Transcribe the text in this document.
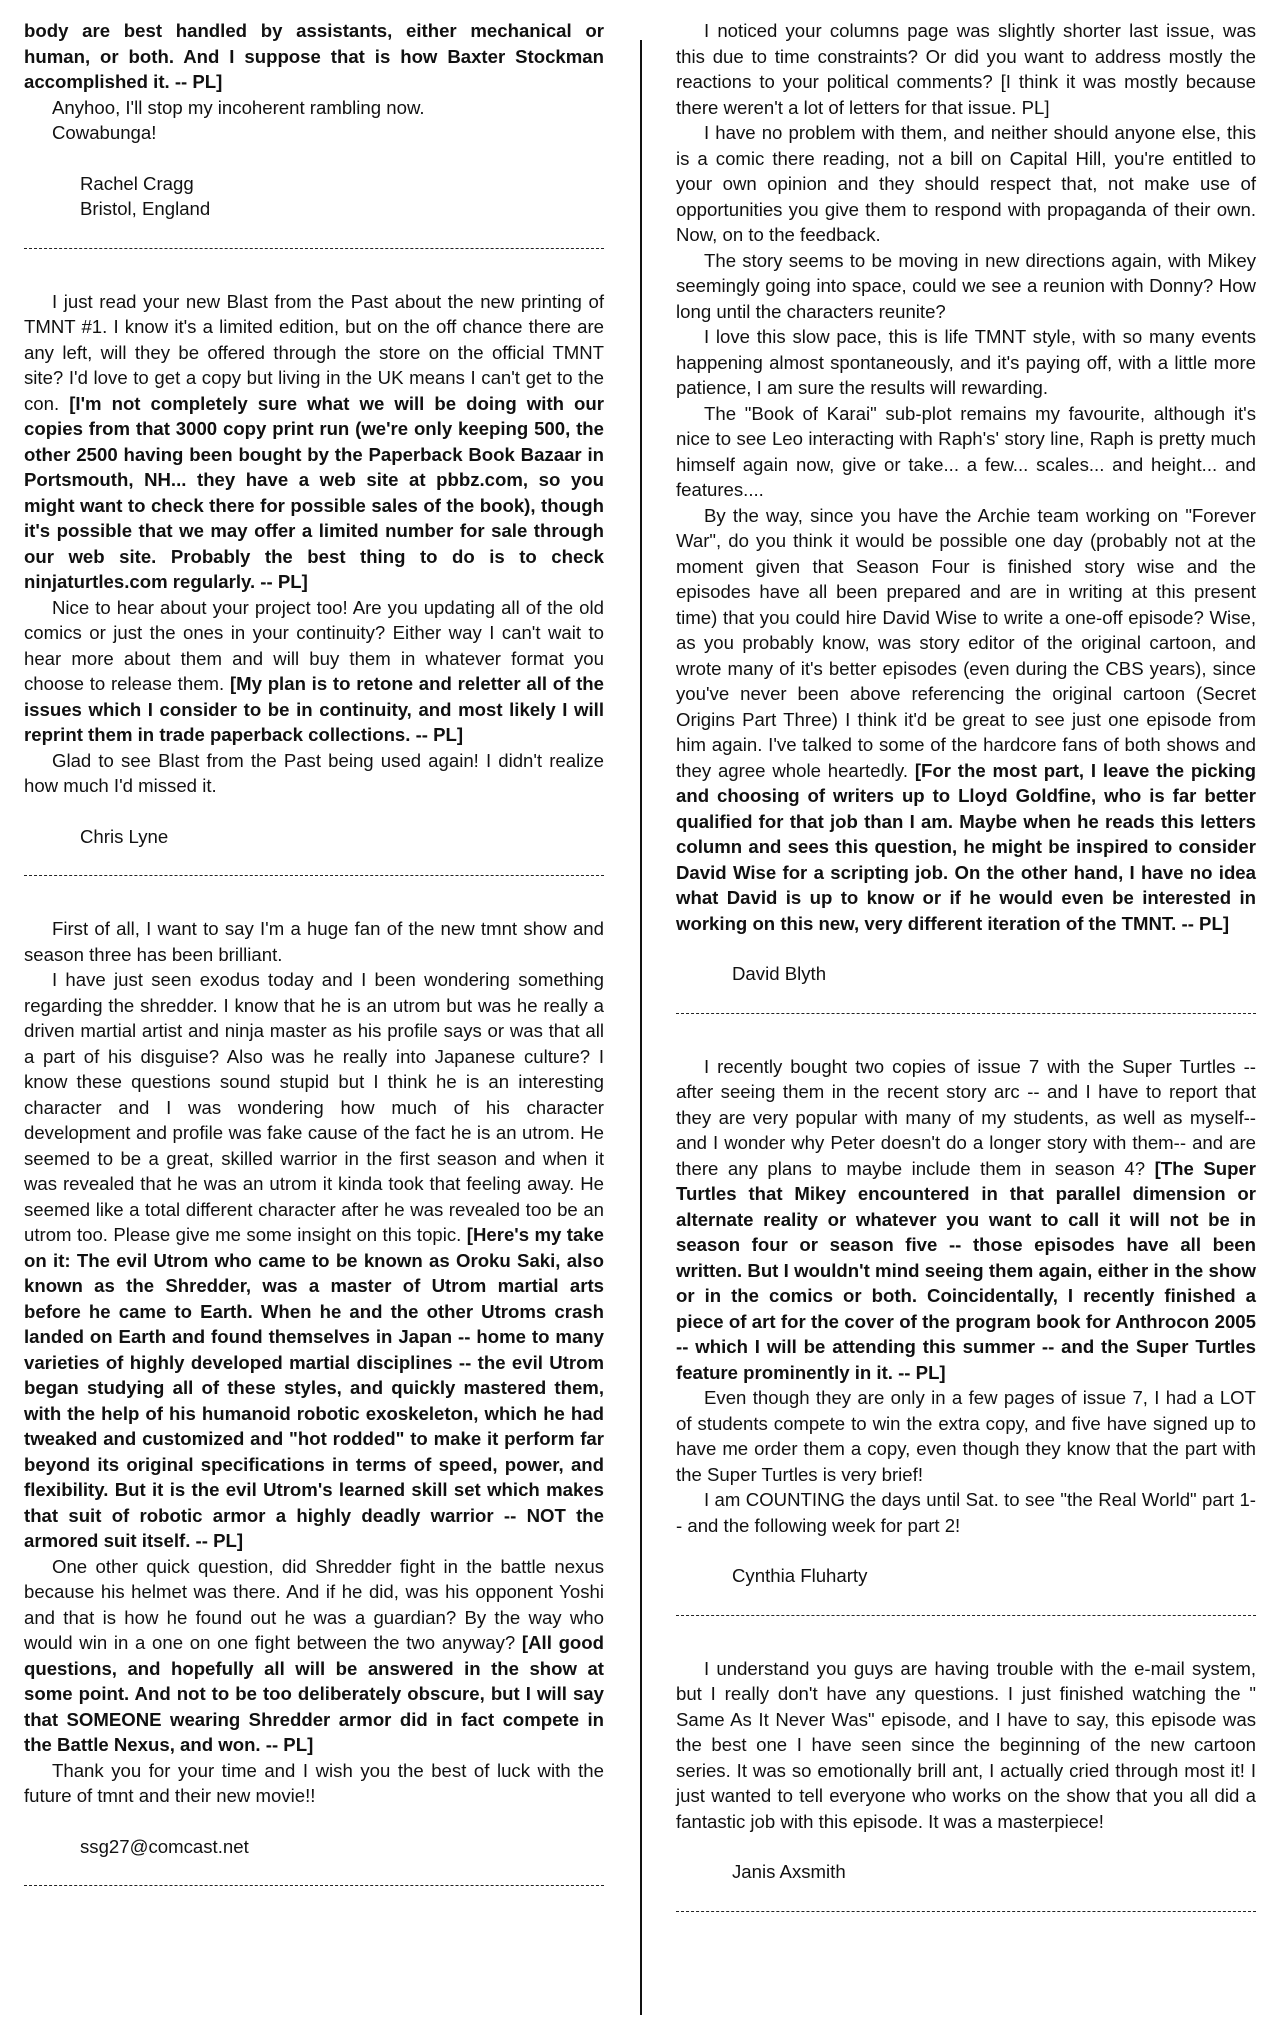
body are best handled by assistants, either mechanical or human, or both. And I suppose that is how Baxter Stockman accomplished it. -- PL]

Anyhoo, I'll stop my incoherent rambling now.

Cowabunga!

Rachel Cragg

Bristol, England

I just read your new Blast from the Past about the new printing of TMNT #1. I know it's a limited edition, but on the off chance there are any left, will they be offered through the store on the official TMNT site? I'd love to get a copy but living in the UK means I can't get to the con. [I'm not completely sure what we will be doing with our copies from that 3000 copy print run (we're only keeping 500, the other 2500 having been bought by the Paperback Book Bazaar in Portsmouth, NH... they have a web site at pbbz.com, so you might want to check there for possible sales of the book), though it's possible that we may offer a limited number for sale through our web site. Probably the best thing to do is to check ninjaturtles.com regularly. -- PL]

Nice to hear about your project too! Are you updating all of the old comics or just the ones in your continuity? Either way I can't wait to hear more about them and will buy them in whatever format you choose to release them. [My plan is to retone and reletter all of the issues which I consider to be in continuity, and most likely I will reprint them in trade paperback collections. -- PL]

Glad to see Blast from the Past being used again! I didn't realize how much I'd missed it.

Chris Lyne

First of all, I want to say I'm a huge fan of the new tmnt show and season three has been brilliant.

I have just seen exodus today and I been wondering something regarding the shredder. I know that he is an utrom but was he really a driven martial artist and ninja master as his profile says or was that all a part of his disguise? Also was he really into Japanese culture? I know these questions sound stupid but I think he is an interesting character and I was wondering how much of his character development and profile was fake cause of the fact he is an utrom. He seemed to be a great, skilled warrior in the first season and when it was revealed that he was an utrom it kinda took that feeling away. He seemed like a total different character after he was revealed too be an utrom too. Please give me some insight on this topic. [Here's my take on it: The evil Utrom who came to be known as Oroku Saki, also known as the Shredder, was a master of Utrom martial arts before he came to Earth. When he and the other Utroms crash landed on Earth and found themselves in Japan -- home to many varieties of highly developed martial disciplines -- the evil Utrom began studying all of these styles, and quickly mastered them, with the help of his humanoid robotic exoskeleton, which he had tweaked and customized and "hot rodded" to make it perform far beyond its original specifications in terms of speed, power, and flexibility. But it is the evil Utrom's learned skill set which makes that suit of robotic armor a highly deadly warrior -- NOT the armored suit itself. -- PL]

One other quick question, did Shredder fight in the battle nexus because his helmet was there. And if he did, was his opponent Yoshi and that is how he found out he was a guardian? By the way who would win in a one on one fight between the two anyway? [All good questions, and hopefully all will be answered in the show at some point. And not to be too deliberately obscure, but I will say that SOMEONE wearing Shredder armor did in fact compete in the Battle Nexus, and won. -- PL]

Thank you for your time and I wish you the best of luck with the future of tmnt and their new movie!!

ssg27@comcast.net

I noticed your columns page was slightly shorter last issue, was this due to time constraints? Or did you want to address mostly the reactions to your political comments? [I think it was mostly because there weren't a lot of letters for that issue. PL]

I have no problem with them, and neither should anyone else, this is a comic there reading, not a bill on Capital Hill, you're entitled to your own opinion and they should respect that, not make use of opportunities you give them to respond with propaganda of their own. Now, on to the feedback.

The story seems to be moving in new directions again, with Mikey seemingly going into space, could we see a reunion with Donny? How long until the characters reunite?

I love this slow pace, this is life TMNT style, with so many events happening almost spontaneously, and it's paying off, with a little more patience, I am sure the results will rewarding.

The "Book of Karai" sub-plot remains my favourite, although it's nice to see Leo interacting with Raph's' story line, Raph is pretty much himself again now, give or take... a few... scales... and height... and features....

By the way, since you have the Archie team working on "Forever War", do you think it would be possible one day (probably not at the moment given that Season Four is finished story wise and the episodes have all been prepared and are in writing at this present time) that you could hire David Wise to write a one-off episode? Wise, as you probably know, was story editor of the original cartoon, and wrote many of it's better episodes (even during the CBS years), since you've never been above referencing the original cartoon (Secret Origins Part Three) I think it'd be great to see just one episode from him again. I've talked to some of the hardcore fans of both shows and they agree whole heartedly. [For the most part, I leave the picking and choosing of writers up to Lloyd Goldfine, who is far better qualified for that job than I am. Maybe when he reads this letters column and sees this question, he might be inspired to consider David Wise for a scripting job. On the other hand, I have no idea what David is up to know or if he would even be interested in working on this new, very different iteration of the TMNT. -- PL]

David Blyth

I recently bought two copies of issue 7 with the Super Turtles -- after seeing them in the recent story arc -- and I have to report that they are very popular with many of my students, as well as myself-- and I wonder why Peter doesn't do a longer story with them-- and are there any plans to maybe include them in season 4? [The Super Turtles that Mikey encountered in that parallel dimension or alternate reality or whatever you want to call it will not be in season four or season five -- those episodes have all been written. But I wouldn't mind seeing them again, either in the show or in the comics or both. Coincidentally, I recently finished a piece of art for the cover of the program book for Anthrocon 2005 -- which I will be attending this summer -- and the Super Turtles feature prominently in it. -- PL]

Even though they are only in a few pages of issue 7, I had a LOT of students compete to win the extra copy, and five have signed up to have me order them a copy, even though they know that the part with the Super Turtles is very brief!

I am COUNTING the days until Sat. to see "the Real World" part 1-- and the following week for part 2!

Cynthia Fluharty

I understand you guys are having trouble with the e-mail system, but I really don't have any questions. I just finished watching the " Same As It Never Was" episode, and I have to say, this episode was the best one I have seen since the beginning of the new cartoon series. It was so emotionally brill ant, I actually cried through most it! I just wanted to tell everyone who works on the show that you all did a fantastic job with this episode. It was a masterpiece!

Janis Axsmith
